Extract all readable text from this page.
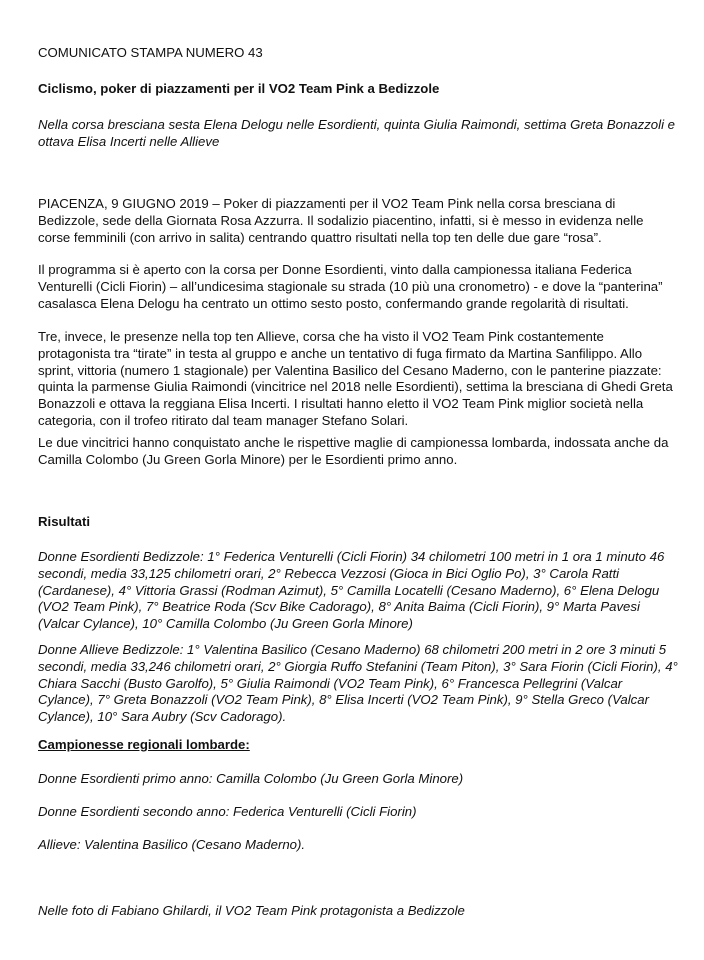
COMUNICATO STAMPA NUMERO 43

Ciclismo, poker di piazzamenti per il VO2 Team Pink a Bedizzole

Nella corsa bresciana sesta Elena Delogu nelle Esordienti, quinta Giulia Raimondi, settima Greta Bonazzoli e ottava Elisa Incerti nelle Allieve

PIACENZA, 9 GIUGNO 2019 – Poker di piazzamenti per il VO2 Team Pink nella corsa bresciana di Bedizzole, sede della Giornata Rosa Azzurra. Il sodalizio piacentino, infatti, si è messo in evidenza nelle corse femminili (con arrivo in salita) centrando quattro risultati nella top ten delle due gare “rosa”.

Il programma si è aperto con la corsa per Donne Esordienti, vinto dalla campionessa italiana Federica Venturelli (Cicli Fiorin) – all’undicesima stagionale su strada (10 più una cronometro) - e dove la “panterina” casalasca Elena Delogu ha centrato un ottimo sesto posto, confermando grande regolarità di risultati.

Tre, invece, le presenze nella top ten Allieve, corsa che ha visto il VO2 Team Pink costantemente protagonista tra “tirate” in testa al gruppo e anche un tentativo di fuga firmato da Martina Sanfilippo. Allo sprint, vittoria (numero 1 stagionale) per Valentina Basilico del Cesano Maderno, con le panterine piazzate: quinta la parmense Giulia Raimondi (vincitrice nel 2018 nelle Esordienti), settima la bresciana di Ghedi Greta Bonazzoli e ottava la reggiana Elisa Incerti. I risultati hanno eletto il VO2 Team Pink miglior società nella categoria, con il trofeo ritirato dal team manager Stefano Solari.

Le due vincitrici hanno conquistato anche le rispettive maglie di campionessa lombarda, indossata anche da Camilla Colombo (Ju Green Gorla Minore) per le Esordienti primo anno.

Risultati

Donne Esordienti Bedizzole: 1° Federica Venturelli (Cicli Fiorin) 34 chilometri 100 metri in 1 ora 1 minuto 46 secondi, media 33,125 chilometri orari, 2° Rebecca Vezzosi (Gioca in Bici Oglio Po), 3° Carola Ratti (Cardanese), 4° Vittoria Grassi (Rodman Azimut), 5° Camilla Locatelli (Cesano Maderno), 6° Elena Delogu (VO2 Team Pink), 7° Beatrice Roda (Scv Bike Cadorago), 8° Anita Baima (Cicli Fiorin), 9° Marta Pavesi (Valcar Cylance), 10° Camilla Colombo (Ju Green Gorla Minore)

Donne Allieve Bedizzole: 1° Valentina Basilico (Cesano Maderno) 68 chilometri 200 metri in 2 ore 3 minuti 5 secondi, media 33,246 chilometri orari, 2° Giorgia Ruffo Stefanini (Team Piton), 3° Sara Fiorin (Cicli Fiorin), 4° Chiara Sacchi (Busto Garolfo), 5° Giulia Raimondi (VO2 Team Pink), 6° Francesca Pellegrini (Valcar Cylance), 7° Greta Bonazzoli (VO2 Team Pink), 8° Elisa Incerti (VO2 Team Pink), 9° Stella Greco (Valcar Cylance), 10° Sara Aubry (Scv Cadorago).

Campionesse regionali lombarde:

Donne Esordienti primo anno: Camilla Colombo (Ju Green Gorla Minore)

Donne Esordienti secondo anno: Federica Venturelli (Cicli Fiorin)

Allieve: Valentina Basilico (Cesano Maderno).

Nelle foto di Fabiano Ghilardi, il VO2 Team Pink protagonista a Bedizzole
